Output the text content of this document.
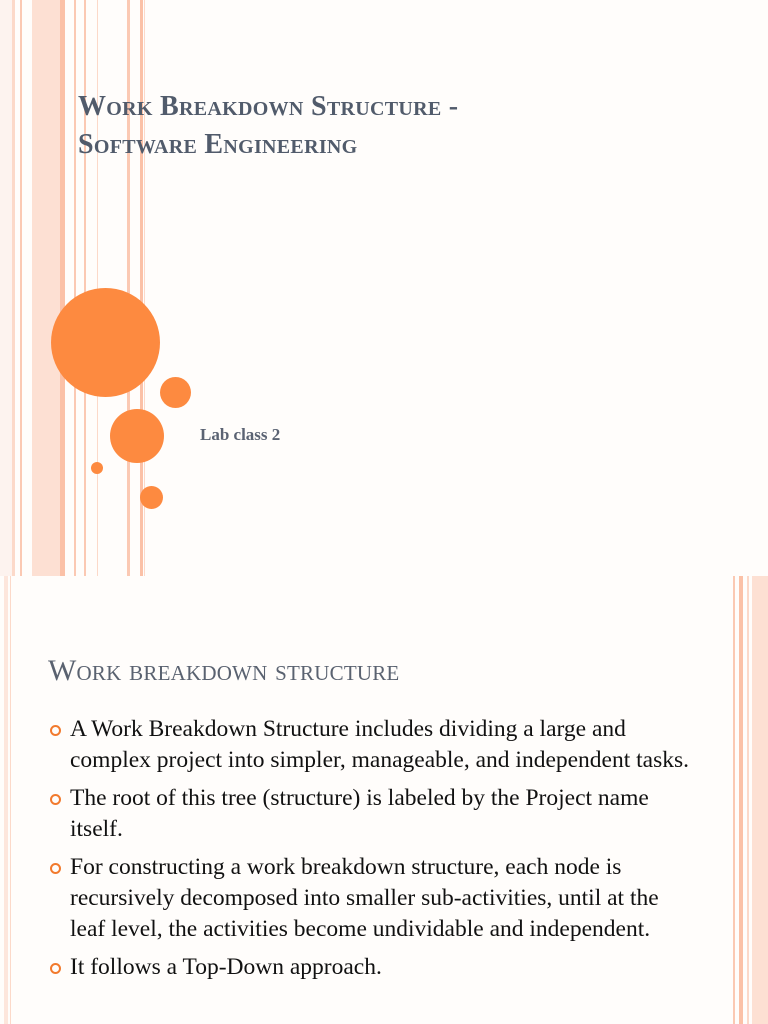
Work Breakdown Structure -
Software Engineering
Lab class 2
Work breakdown structure
A Work Breakdown Structure includes dividing a large and complex project into simpler, manageable, and independent tasks.
The root of this tree (structure) is labeled by the Project name itself.
For constructing a work breakdown structure, each node is recursively decomposed into smaller sub-activities, until at the leaf level, the activities become undividable and independent.
It follows a Top-Down approach.
